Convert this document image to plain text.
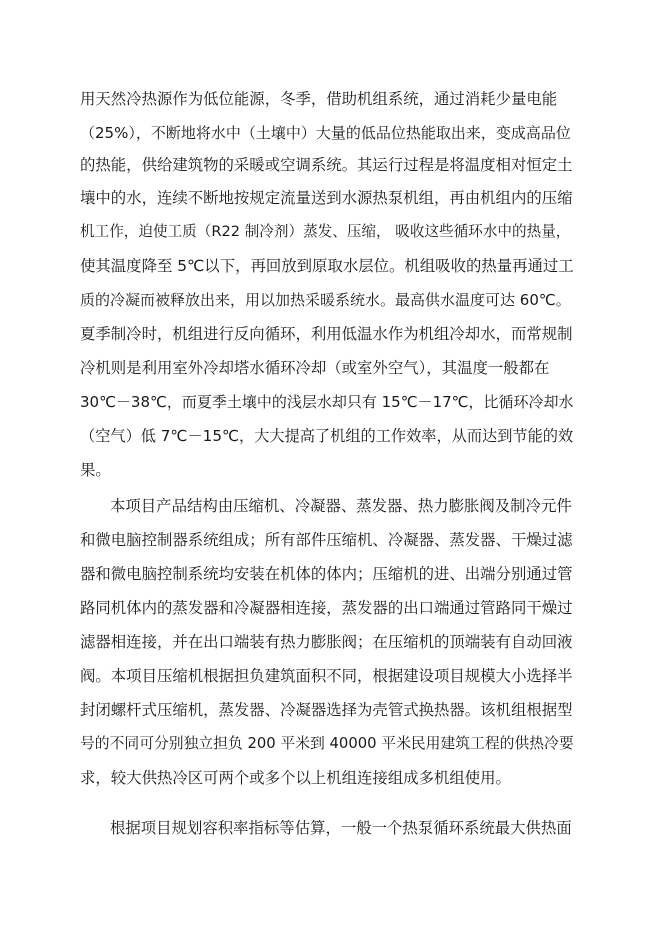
用天然冷热源作为低位能源，冬季，借助机组系统，通过消耗少量电能
（25%），不断地将水中（土壤中）大量的低品位热能取出来，变成高品位
的热能，供给建筑物的采暖或空调系统。其运行过程是将温度相对恒定土
壤中的水，连续不断地按规定流量送到水源热泵机组，再由机组内的压缩
机工作，迫使工质（R22 制冷剂）蒸发、压缩， 吸收这些循环水中的热量，
使其温度降至 5℃以下，再回放到原取水层位。机组吸收的热量再通过工
质的冷凝而被释放出来，用以加热采暖系统水。最高供水温度可达 60℃。
夏季制冷时，机组进行反向循环，利用低温水作为机组冷却水，而常规制
冷机则是利用室外冷却塔水循环冷却（或室外空气），其温度一般都在
30℃－38℃，而夏季土壤中的浅层水却只有 15℃－17℃，比循环冷却水
（空气）低 7℃－15℃，大大提高了机组的工作效率，从而达到节能的效
果。
本项目产品结构由压缩机、冷凝器、蒸发器、热力膨胀阀及制冷元件
和微电脑控制器系统组成；所有部件压缩机、冷凝器、蒸发器、干燥过滤
器和微电脑控制系统均安装在机体的体内；压缩机的进、出端分别通过管
路同机体内的蒸发器和冷凝器相连接，蒸发器的出口端通过管路同干燥过
滤器相连接，并在出口端装有热力膨胀阀；在压缩机的顶端装有自动回液
阀。本项目压缩机根据担负建筑面积不同，根据建设项目规模大小选择半
封闭螺杆式压缩机，蒸发器、冷凝器选择为壳管式换热器。该机组根据型
号的不同可分别独立担负 200 平米到 40000 平米民用建筑工程的供热冷要
求，较大供热冷区可两个或多个以上机组连接组成多机组使用。
根据项目规划容积率指标等估算，一般一个热泵循环系统最大供热面
